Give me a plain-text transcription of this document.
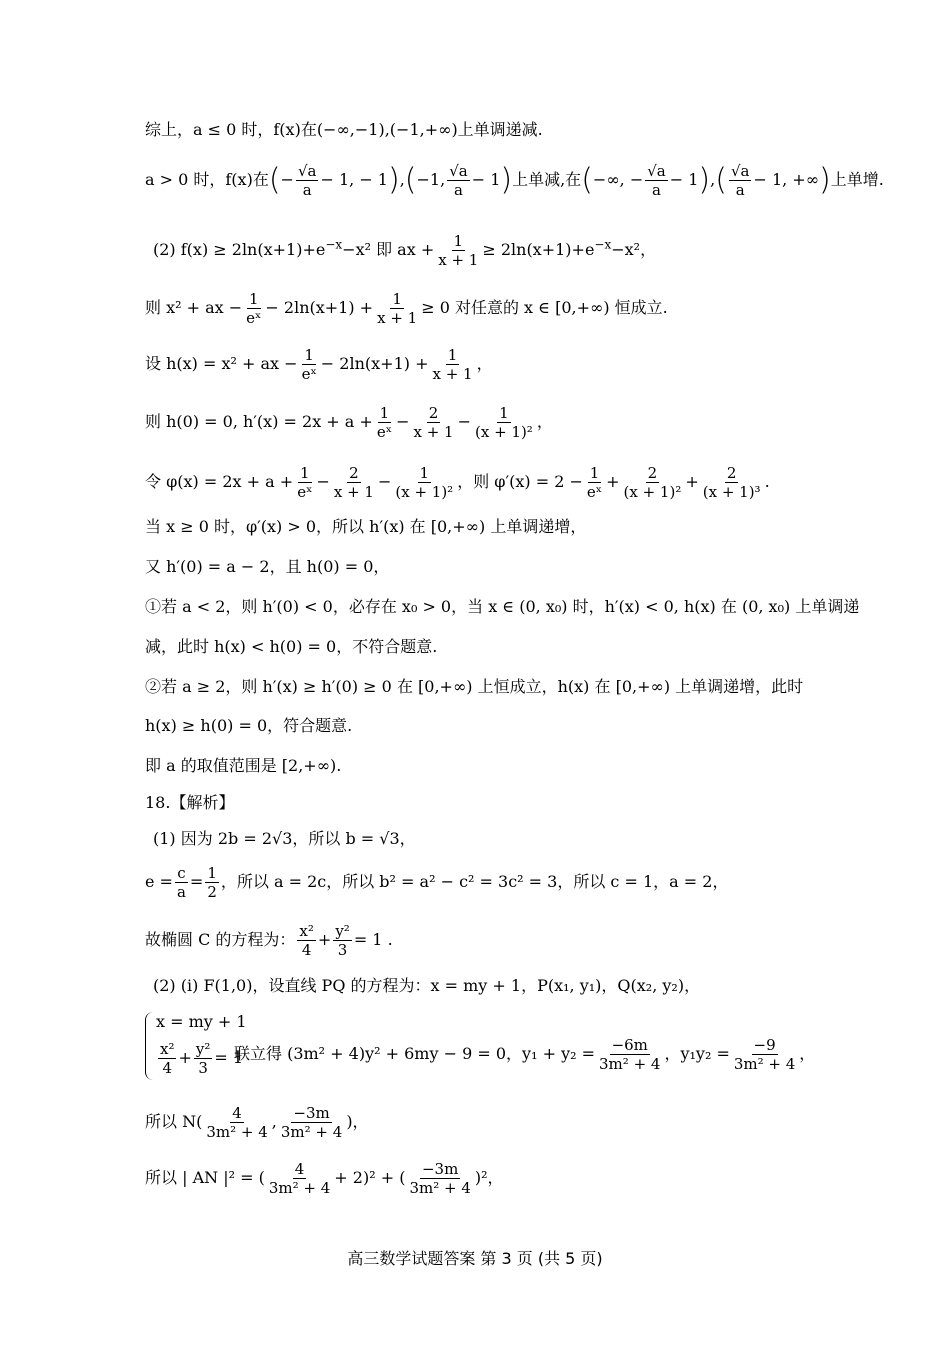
综上，a ≤ 0 时，f(x)在(−∞,−1),(−1,+∞)上单调递减.
a > 0 时，f(x)在(− $\frac{√a}{a} - 1$, − 1),(−1, $\frac{√a}{a} - 1$)上单减,在(−∞, − $\frac{√a}{a} - 1),( \frac{√a}{a} - 1$, +∞)上单增.
(2) $f(x) \ge 2\ln(x+1)+e^{-x}-x^2$ 即 ax + $\frac{1}{x + 1} \ge 2\ln(x+1)+e^{-x}-x^2$，
则 x² + ax − $\frac{1}{\text{eˣ}} - 2\ln(x+1) + \frac{1}{x + 1} \ge 0$ 对任意的 x ∈ [0,+∞) 恒成立.
设 h(x) = x² + ax − $\frac{1}{\text{eˣ}} - 2\ln(x+1) + \frac{1}{x + 1}$ ，
则 h(0) = 0, $h'(x) = 2x + a + \frac{1}{\text{eˣ}} - \frac{2}{x + 1} - \frac{1}{\text{(x + 1)²}}$ ，
令 $\varphi(x) = 2x + a + \frac{1}{\text{eˣ}} - \frac{2}{x + 1} - \frac{1}{\text{(x + 1)²}}$ ，则 $\varphi'(x) = 2 - \frac{1}{\text{eˣ}} + \frac{2}{\text{(x + 1)²}} + \frac{2}{\text{(x + 1)³}}$ .
当 x ≥ 0 时，φ′(x) > 0，所以 h′(x) 在 [0,+∞) 上单调递增，
又 h′(0) = a − 2，且 h(0) = 0，
①若 a < 2，则 h′(0) < 0，必存在 x₀ > 0，当 x ∈ (0, x₀) 时，h′(x) < 0, h(x) 在 (0, x₀) 上单调递
减，此时 h(x) < h(0) = 0，不符合题意.
②若 a ≥ 2，则 h′(x) ≥ h′(0) ≥ 0 在 [0,+∞) 上恒成立，h(x) 在 [0,+∞) 上单调递增，此时
h(x) ≥ h(0) = 0，符合题意.
即 a 的取值范围是 [2,+∞).
18.【解析】
(1) 因为 2b = 2√3，所以 b = √3，
$e = \frac{c}{a} = \frac{1}{2}$ ，所以 a = 2c，所以 b² = a² − c² = 3c² = 3，所以 c = 1，a = 2，
故椭圆 C 的方程为： $\frac{\text{x²}}{4} + \frac{\text{y²}}{3} = 1$ .
(2) (i) F(1,0)，设直线 PQ 的方程为：x = my + 1，P(x₁, y₁)，Q(x₂, y₂)，
x = my + 1
$\frac{\text{x²}}{4} + \frac{\text{y²}}{3} = 1$
联立得 (3m² + 4)y² + 6my − 9 = 0，$y_1 + y_2 = \frac{-6m}{\text{3m² + 4}}$ ，$y_1y_2 = \frac{-9}{\text{3m² + 4}}$ ，
所以 $N( \frac{4}{\text{3m² + 4}}$ , $\frac{-3m}{\text{3m² + 4}}$ )，
所以 | AN |² = ( $\frac{4}{\text{3m² + 4}} + 2)^2$ + ( $\frac{-3m}{\text{3m² + 4}} )^2$，
高三数学试题答案 第 3 页 (共 5 页)
